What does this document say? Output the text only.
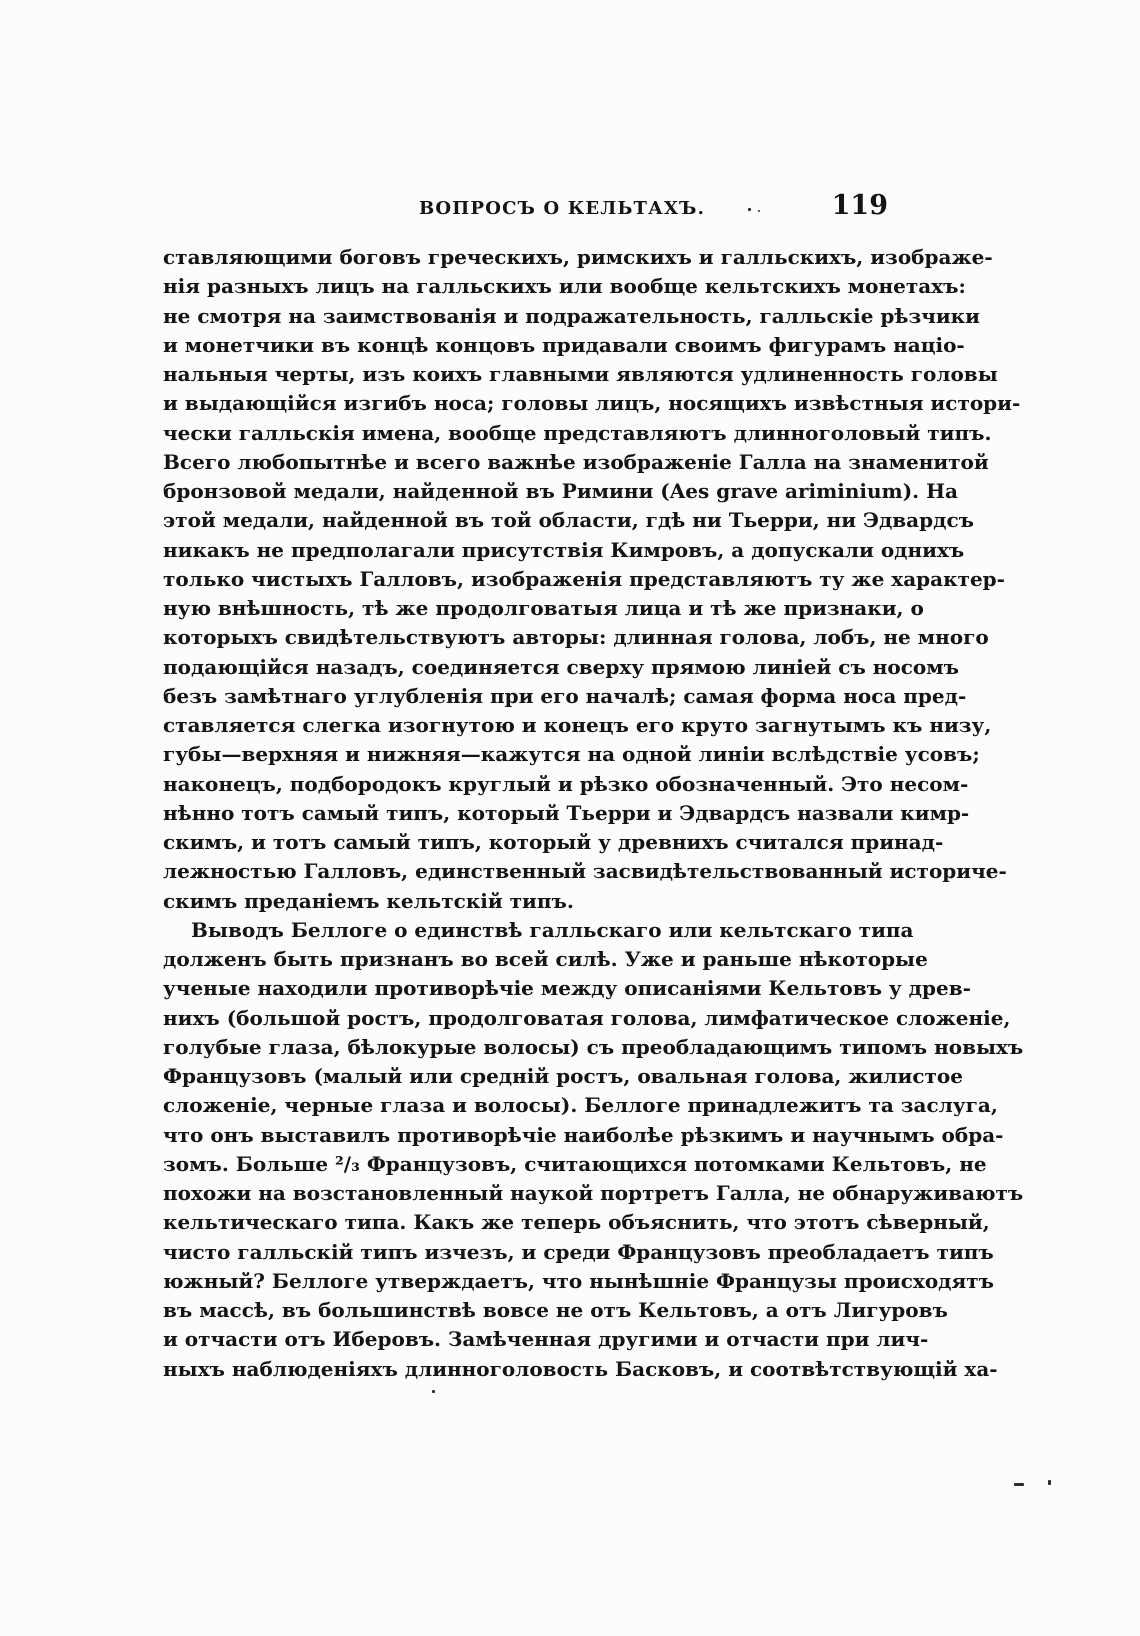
ВОПРОСЪ О КЕЛЬТАХЪ.	119
ставляющими боговъ греческихъ, римскихъ и галльскихъ, изображе-
нія разныхъ лицъ на галльскихъ или вообще кельтскихъ монетахъ:
не смотря на заимствованія и подражательность, галльскіе рѣзчики
и монетчики въ концѣ концовъ придавали своимъ фигурамъ націо-
нальныя черты, изъ коихъ главными являются удлиненность головы
и выдающійся изгибъ носа; головы лицъ, носящихъ извѣстныя истори-
чески галльскія имена, вообще представляютъ длинноголовый типъ.
Всего любопытнѣе и всего важнѣе изображеніе Галла на знаменитой
бронзовой медали, найденной въ Римини (Aes grave ariminium). На
этой медали, найденной въ той области, гдѣ ни Тьерри, ни Эдвардсъ
никакъ не предполагали присутствія Кимровъ, а допускали однихъ
только чистыхъ Галловъ, изображенія представляютъ ту же характер-
ную внѣшность, тѣ же продолговатыя лица и тѣ же признаки, о
которыхъ свидѣтельствуютъ авторы: длинная голова, лобъ, не много
подающійся назадъ, соединяется сверху прямою линіей съ носомъ
безъ замѣтнаго углубленія при его началѣ; самая форма носа пред-
ставляется слегка изогнутою и конецъ его круто загнутымъ къ низу,
губы—верхняя и нижняя—кажутся на одной линіи вслѣдствіе усовъ;
наконецъ, подбородокъ круглый и рѣзко обозначенный. Это несом-
нѣнно тотъ самый типъ, который Тьерри и Эдвардсъ назвали кимр-
скимъ, и тотъ самый типъ, который у древнихъ считался принад-
лежностью Галловъ, единственный засвидѣтельствованный историче-
скимъ преданіемъ кельтскій типъ.
Выводъ Беллоге о единствѣ галльскаго или кельтскаго типа
долженъ быть признанъ во всей силѣ. Уже и раньше нѣкоторые
ученые находили противорѣчіе между описаніями Кельтовъ у древ-
нихъ (большой ростъ, продолговатая голова, лимфатическое сложеніе,
голубые глаза, бѣлокурые волосы) съ преобладающимъ типомъ новыхъ
Французовъ (малый или средній ростъ, овальная голова, жилистое
сложеніе, черные глаза и волосы). Беллоге принадлежитъ та заслуга,
что онъ выставилъ противорѣчіе наиболѣе рѣзкимъ и научнымъ обра-
зомъ. Больше ²/₃ Французовъ, считающихся потомками Кельтовъ, не
похожи на возстановленный наукой портретъ Галла, не обнаруживаютъ
кельтическаго типа. Какъ же теперь объяснить, что этотъ сѣверный,
чисто галльскій типъ изчезъ, и среди Французовъ преобладаетъ типъ
южный? Беллоге утверждаетъ, что нынѣшніе Французы происходятъ
въ массѣ, въ большинствѣ вовсе не отъ Кельтовъ, а отъ Лигуровъ
и отчасти отъ Иберовъ. Замѣченная другими и отчасти при лич-
ныхъ наблюденіяхъ длинноголовость Басковъ, и соотвѣтствующій ха-
